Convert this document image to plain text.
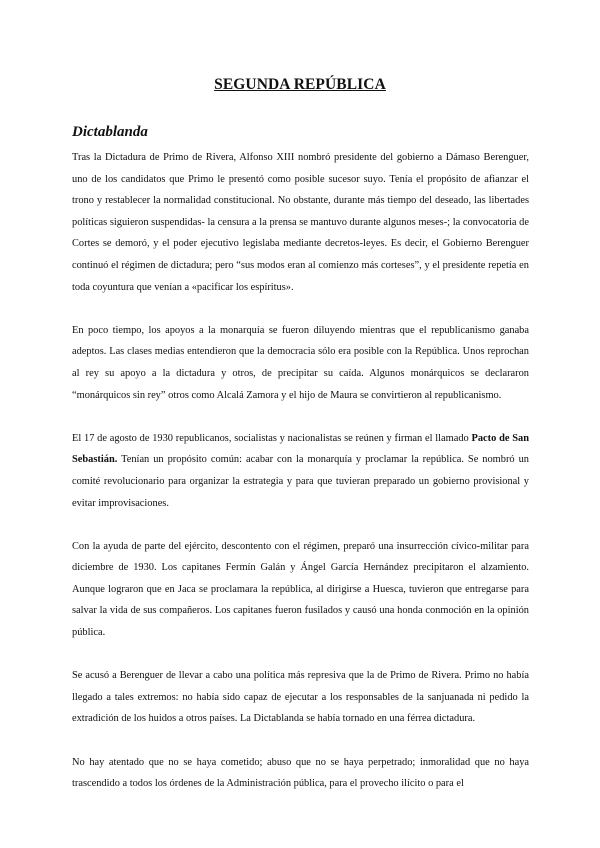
SEGUNDA REPÚBLICA
Dictablanda

Tras la Dictadura de Primo de Rivera, Alfonso XIII nombró presidente del gobierno a Dámaso Berenguer, uno de los candidatos que Primo le presentó como posible sucesor suyo. Tenía el propósito de afianzar el trono y restablecer la normalidad constitucional. No obstante, durante más tiempo del deseado, las libertades políticas siguieron suspendidas- la censura a la prensa se mantuvo durante algunos meses-; la convocatoria de Cortes se demoró, y el poder ejecutivo legislaba mediante decretos-leyes. Es decir, el Gobierno Berenguer continuó el régimen de dictadura; pero “sus modos eran al comienzo más corteses”, y el presidente repetía en toda coyuntura que venían a «pacificar los espíritus».

En poco tiempo, los apoyos a la monarquía se fueron diluyendo mientras que el republicanismo ganaba adeptos. Las clases medias entendieron que la democracia sólo era posible con la República. Unos reprochan al rey su apoyo a la dictadura y otros, de precipitar su caída. Algunos monárquicos se declararon “monárquicos sin rey” otros como Alcalá Zamora y el hijo de Maura se convirtieron al republicanismo.

El 17 de agosto de 1930 republicanos, socialistas y nacionalistas se reúnen y firman el llamado Pacto de San Sebastián. Tenían un propósito común: acabar con la monarquía y proclamar la república. Se nombró un comité revolucionario para organizar la estrategia y para que tuvieran preparado un gobierno provisional y evitar improvisaciones.

Con la ayuda de parte del ejército, descontento con el régimen, preparó una insurrección cívico-militar para diciembre de 1930. Los capitanes Fermín Galán y Ángel García Hernández precipitaron el alzamiento. Aunque lograron que en Jaca se proclamara la república, al dirigirse a Huesca, tuvieron que entregarse para salvar la vida de sus compañeros. Los capitanes fueron fusilados y causó una honda conmoción en la opinión pública.

Se acusó a Berenguer de llevar a cabo una política más represiva que la de Primo de Rivera. Primo no había llegado a tales extremos: no había sido capaz de ejecutar a los responsables de la sanjuanada ni pedido la extradición de los huidos a otros países. La Dictablanda se había tornado en una férrea dictadura.

No hay atentado que no se haya cometido; abuso que no se haya perpetrado; inmoralidad que no haya trascendido a todos los órdenes de la Administración pública, para el provecho ilícito o para el
